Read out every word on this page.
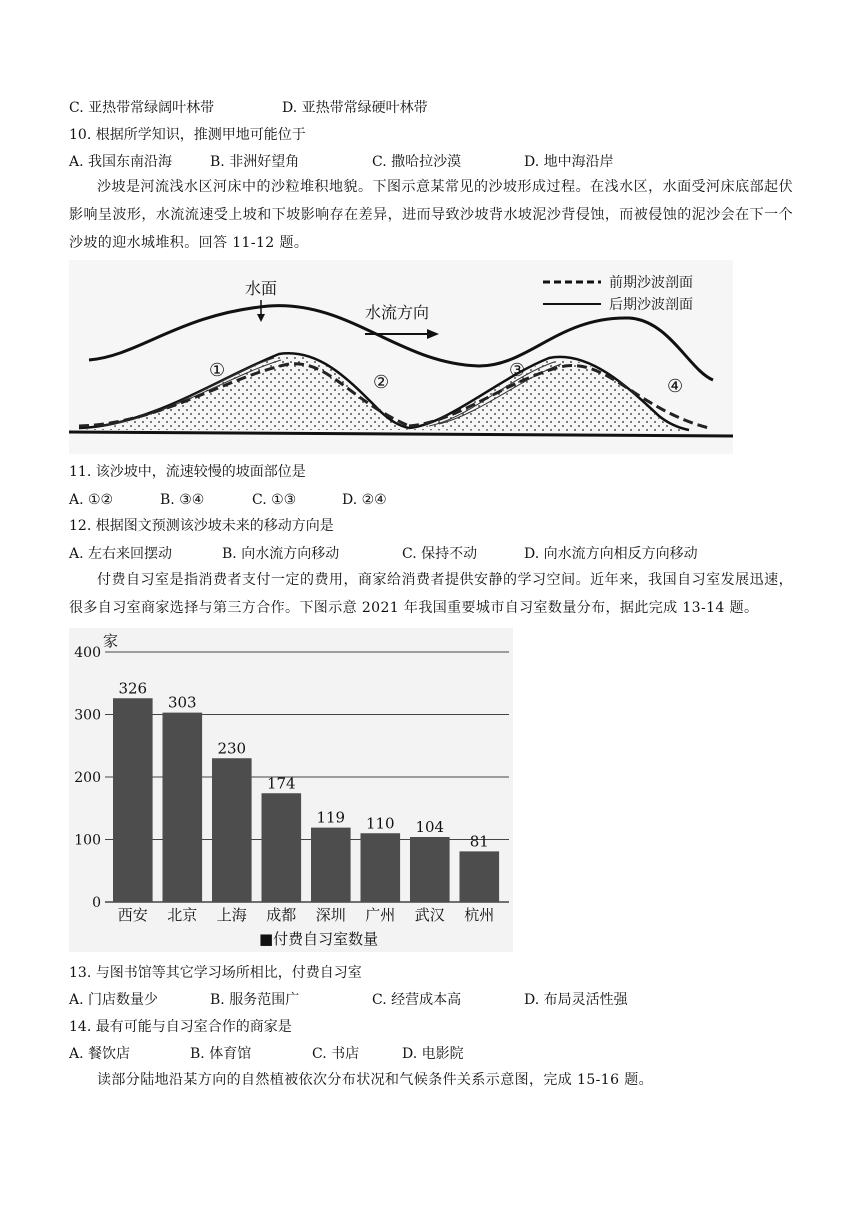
C. 亚热带常绿阔叶林带	D. 亚热带常绿硬叶林带
10. 根据所学知识，推测甲地可能位于
A. 我国东南沿海	B. 非洲好望角	C. 撒哈拉沙漠	D. 地中海沿岸
沙坡是河流浅水区河床中的沙粒堆积地貌。下图示意某常见的沙坡形成过程。在浅水区，水面受河床底部起伏影响呈波形，水流流速受上坡和下坡影响存在差异，进而导致沙坡背水坡泥沙背侵蚀，而被侵蚀的泥沙会在下一个沙坡的迎水城堆积。回答 11-12 题。
水面
水流方向
前期沙波剖面
后期沙波剖面
①
②
③
④
11. 该沙坡中，流速较慢的坡面部位是
A. ①②	B. ③④	C. ①③	D. ②④
12. 根据图文预测该沙坡未来的移动方向是
A. 左右来回摆动	B. 向水流方向移动	C. 保持不动	D. 向水流方向相反方向移动
付费自习室是指消费者支付一定的费用，商家给消费者提供安静的学习空间。近年来，我国自习室发展迅速，很多自习室商家选择与第三方合作。下图示意 2021 年我国重要城市自习室数量分布，据此完成 13-14 题。
0
100
200
300
400
326
西安
303
北京
230
上海
174
成都
119
深圳
110
广州
104
武汉
81
杭州
家
■付费自习室数量
13. 与图书馆等其它学习场所相比，付费自习室
A. 门店数量少	B. 服务范围广	C. 经营成本高	D. 布局灵活性强
14. 最有可能与自习室合作的商家是
A. 餐饮店	B. 体育馆	C. 书店	D. 电影院
读部分陆地沿某方向的自然植被依次分布状况和气候条件关系示意图，完成 15-16 题。
